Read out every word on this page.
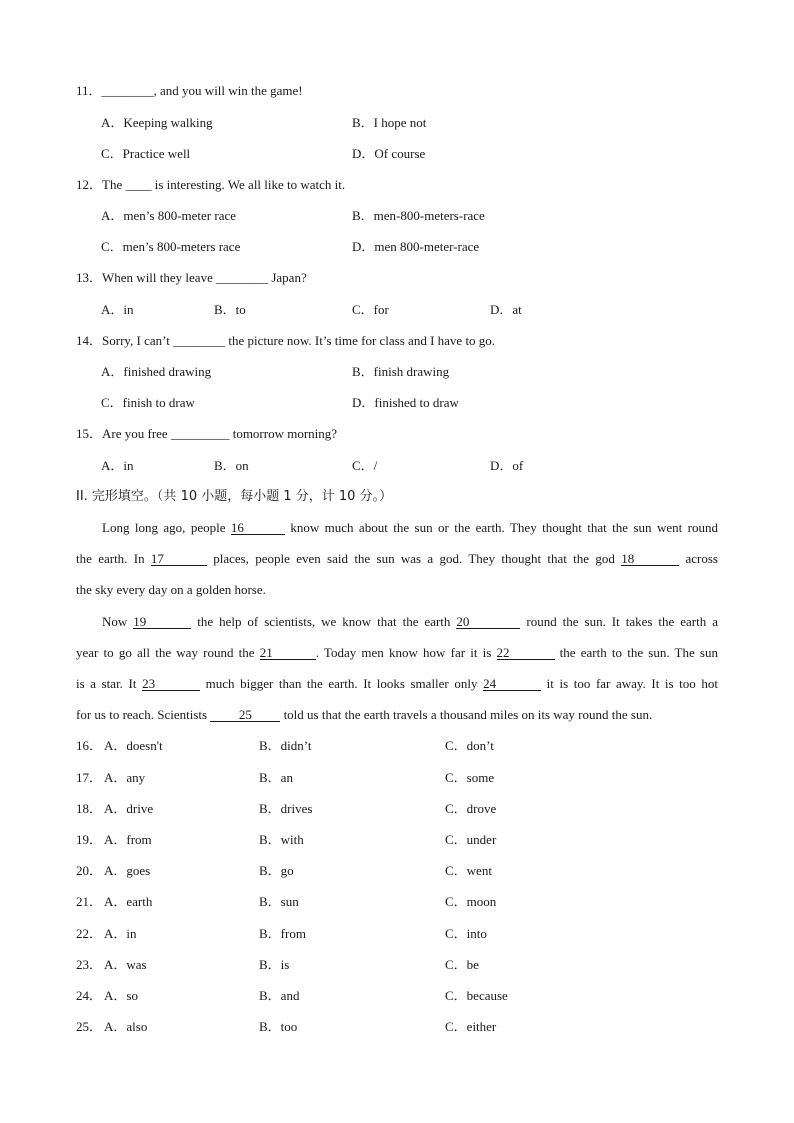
11．________, and you will win the game!
A．Keeping walking	B．I hope not
C．Practice well	D．Of course
12．The ____ is interesting. We all like to watch it.
A．men’s 800-meter race	B．men-800-meters-race
C．men’s 800-meters race	D．men 800-meter-race
13．When will they leave ________ Japan?
A．in	B．to	C．for	D．at
14．Sorry, I can’t ________ the picture now. It’s time for class and I have to go.
A．finished drawing	B．finish drawing
C．finish to draw	D．finished to draw
15．Are you free _________ tomorrow morning?
A．in	B．on	C．/	D．of
II. 完形填空。（共 10 小题，每小题 1 分，计 10 分。）
Long long ago, people 16	know much about the sun or the earth. They thought that the sun went round
the earth. In 17	places, people even said the sun was a god. They thought that the god 18	across
the sky every day on a golden horse.
Now 19	the help of scientists, we know that the earth 20	round the sun. It takes the earth a
year to go all the way round the 21	. Today men know how far it is 22	the earth to the sun. The sun
is a star. It 23	much bigger than the earth. It looks smaller only 24	it is too far away. It is too hot
for us to reach. Scientists 25 told us that the earth travels a thousand miles on its way round the sun.
16． A．doesn't	B．didn’t	C．don’t
17． A．any	B．an	C．some
18． A．drive	B．drives	C．drove
19． A．from	B．with	C．under
20． A．goes	B．go	C．went
21． A．earth	B．sun	C．moon
22． A．in	B．from	C．into
23． A．was	B．is	C．be
24． A．so	B．and	C．because
25． A．also	B．too	C．either
